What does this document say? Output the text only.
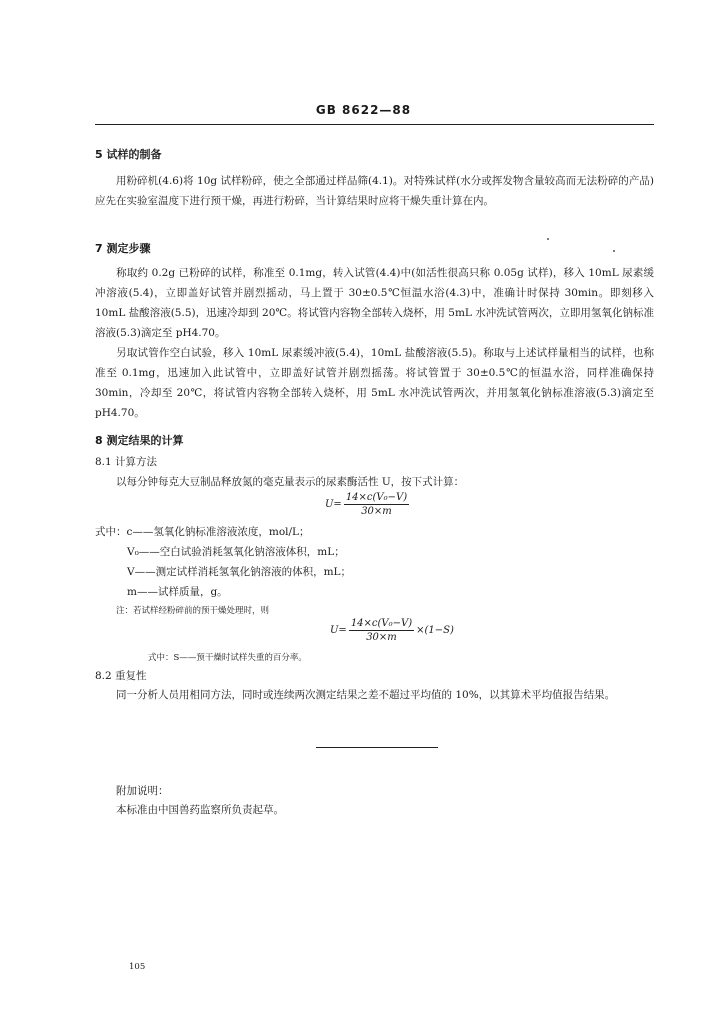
GB 8622—88
5 试样的制备
用粉碎机(4.6)将 10g 试样粉碎，使之全部通过样品筛(4.1)。对特殊试样(水分或挥发物含量较高而无法粉碎的产品)应先在实验室温度下进行预干燥，再进行粉碎，当计算结果时应将干燥失重计算在内。
7 测定步骤
称取约 0.2g 已粉碎的试样，称准至 0.1mg，转入试管(4.4)中(如活性很高只称 0.05g 试样)，移入 10mL 尿素缓冲溶液(5.4)，立即盖好试管并剧烈摇动，马上置于 30±0.5℃恒温水浴(4.3)中，准确计时保持 30min。即刻移入 10mL 盐酸溶液(5.5)，迅速冷却到 20℃。将试管内容物全部转入烧杯，用 5mL 水冲洗试管两次，立即用氢氧化钠标准溶液(5.3)滴定至 pH4.70。
另取试管作空白试验，移入 10mL 尿素缓冲液(5.4)，10mL 盐酸溶液(5.5)。称取与上述试样量相当的试样，也称准至 0.1mg，迅速加入此试管中，立即盖好试管并剧烈摇荡。将试管置于 30±0.5℃的恒温水浴，同样准确保持 30min，冷却至 20℃，将试管内容物全部转入烧杯，用 5mL 水冲洗试管两次，并用氢氧化钠标准溶液(5.3)滴定至 pH4.70。
8 测定结果的计算
8.1 计算方法
以每分钟每克大豆制品释放氮的毫克量表示的尿素酶活性 U，按下式计算：
$U= \frac{\text{14×c(V₀−V)}}{30\times m}$
式中：c——氢氧化钠标准溶液浓度，mol/L；
V₀——空白试验消耗氢氧化钠溶液体积，mL；
V——测定试样消耗氢氧化钠溶液的体积，mL；
m——试样质量，g。
注：若试样经粉碎前的预干燥处理时，则
$U= \frac{\text{14×c(V₀−V)}}{30\times m} \times(1-S)$
式中：S——预干燥时试样失重的百分率。
8.2 重复性
同一分析人员用相同方法，同时或连续两次测定结果之差不超过平均值的 10%，以其算术平均值报告结果。
附加说明：
本标准由中国兽药监察所负责起草。
105
